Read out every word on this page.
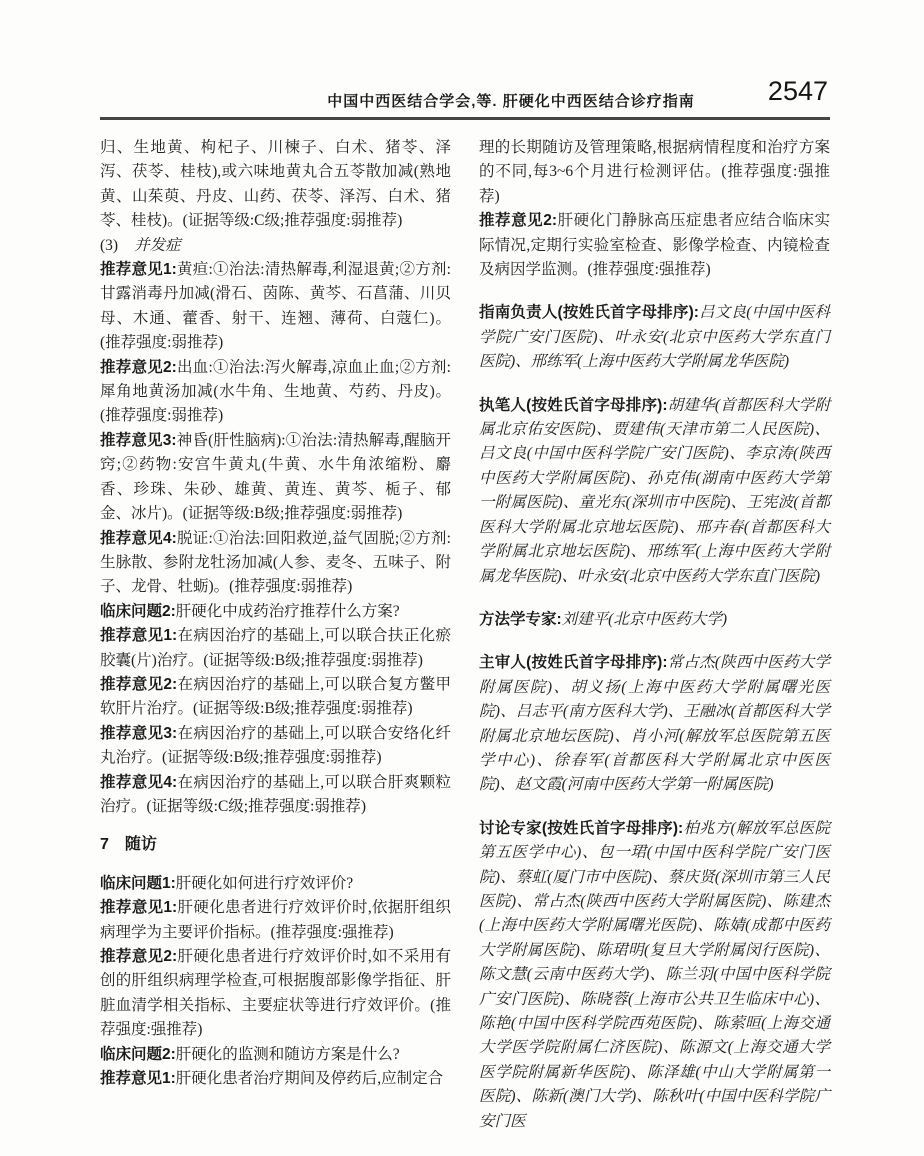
中国中西医结合学会,等. 肝硬化中西医结合诊疗指南	2547

归、生地黄、枸杞子、川楝子、白术、猪苓、泽泻、茯苓、桂枝),或六味地黄丸合五苓散加减(熟地黄、山茱萸、丹皮、山药、茯苓、泽泻、白术、猪苓、桂枝)。(证据等级:C级;推荐强度:弱推荐)

(3) 并发症

推荐意见1:黄疸:①治法:清热解毒,利湿退黄;②方剂:甘露消毒丹加减(滑石、茵陈、黄芩、石菖蒲、川贝母、木通、藿香、射干、连翘、薄荷、白蔻仁)。(推荐强度:弱推荐)

推荐意见2:出血:①治法:泻火解毒,凉血止血;②方剂:犀角地黄汤加减(水牛角、生地黄、芍药、丹皮)。(推荐强度:弱推荐)

推荐意见3:神昏(肝性脑病):①治法:清热解毒,醒脑开窍;②药物:安宫牛黄丸(牛黄、水牛角浓缩粉、麝香、珍珠、朱砂、雄黄、黄连、黄芩、栀子、郁金、冰片)。(证据等级:B级;推荐强度:弱推荐)

推荐意见4:脱证:①治法:回阳救逆,益气固脱;②方剂:生脉散、参附龙牡汤加减(人参、麦冬、五味子、附子、龙骨、牡蛎)。(推荐强度:弱推荐)

临床问题2:肝硬化中成药治疗推荐什么方案?

推荐意见1:在病因治疗的基础上,可以联合扶正化瘀胶囊(片)治疗。(证据等级:B级;推荐强度:弱推荐)

推荐意见2:在病因治疗的基础上,可以联合复方鳖甲软肝片治疗。(证据等级:B级;推荐强度:弱推荐)

推荐意见3:在病因治疗的基础上,可以联合安络化纤丸治疗。(证据等级:B级;推荐强度:弱推荐)

推荐意见4:在病因治疗的基础上,可以联合肝爽颗粒治疗。(证据等级:C级;推荐强度:弱推荐)

7 随访

临床问题1:肝硬化如何进行疗效评价?

推荐意见1:肝硬化患者进行疗效评价时,依据肝组织病理学为主要评价指标。(推荐强度:强推荐)

推荐意见2:肝硬化患者进行疗效评价时,如不采用有创的肝组织病理学检查,可根据腹部影像学指征、肝脏血清学相关指标、主要症状等进行疗效评价。(推荐强度:强推荐)

临床问题2:肝硬化的监测和随访方案是什么?

推荐意见1:肝硬化患者治疗期间及停药后,应制定合

理的长期随访及管理策略,根据病情程度和治疗方案的不同,每3~6个月进行检测评估。(推荐强度:强推荐)

推荐意见2:肝硬化门静脉高压症患者应结合临床实际情况,定期行实验室检查、影像学检查、内镜检查及病因学监测。(推荐强度:强推荐)

指南负责人(按姓氏首字母排序):吕文良(中国中医科学院广安门医院)、叶永安(北京中医药大学东直门医院)、邢练军(上海中医药大学附属龙华医院)

执笔人(按姓氏首字母排序):胡建华(首都医科大学附属北京佑安医院)、贾建伟(天津市第二人民医院)、吕文良(中国中医科学院广安门医院)、李京涛(陕西中医药大学附属医院)、孙克伟(湖南中医药大学第一附属医院)、童光东(深圳市中医院)、王宪波(首都医科大学附属北京地坛医院)、邢卉春(首都医科大学附属北京地坛医院)、邢练军(上海中医药大学附属龙华医院)、叶永安(北京中医药大学东直门医院)

方法学专家:刘建平(北京中医药大学)

主审人(按姓氏首字母排序):常占杰(陕西中医药大学附属医院)、胡义扬(上海中医药大学附属曙光医院)、吕志平(南方医科大学)、王融冰(首都医科大学附属北京地坛医院)、肖小河(解放军总医院第五医学中心)、徐春军(首都医科大学附属北京中医医院)、赵文霞(河南中医药大学第一附属医院)

讨论专家(按姓氏首字母排序):柏兆方(解放军总医院第五医学中心)、包一珺(中国中医科学院广安门医院)、蔡虹(厦门市中医院)、蔡庆贤(深圳市第三人民医院)、常占杰(陕西中医药大学附属医院)、陈建杰(上海中医药大学附属曙光医院)、陈婧(成都中医药大学附属医院)、陈珺明(复旦大学附属闵行医院)、陈文慧(云南中医药大学)、陈兰羽(中国中医科学院广安门医院)、陈晓蓉(上海市公共卫生临床中心)、陈艳(中国中医科学院西苑医院)、陈萦晅(上海交通大学医学院附属仁济医院)、陈源文(上海交通大学医学院附属新华医院)、陈泽雄(中山大学附属第一医院)、陈新(澳门大学)、陈秋叶(中国中医科学院广安门医
